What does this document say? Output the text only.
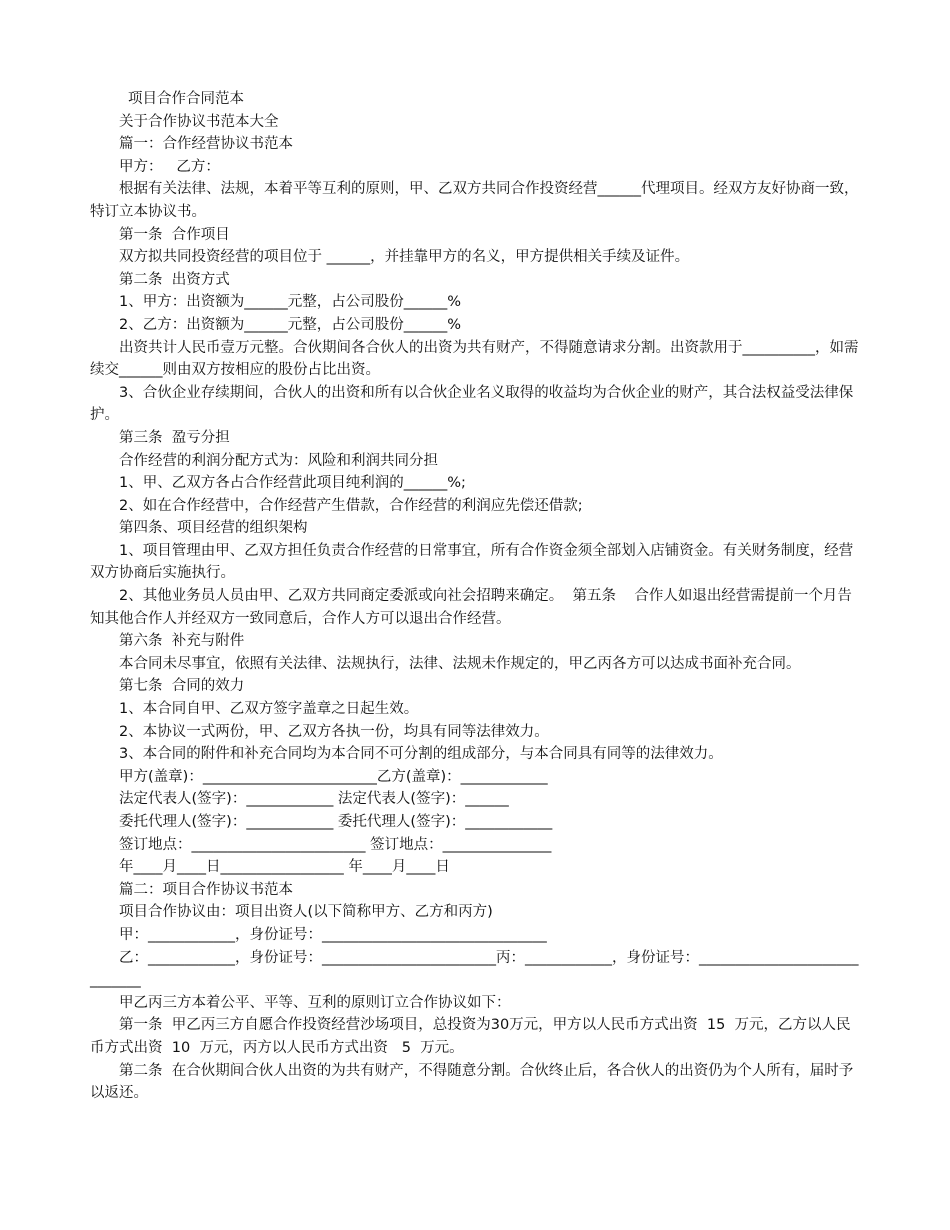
项目合作合同范本

关于合作协议书范本大全

篇一：合作经营协议书范本

甲方：   乙方：

根据有关法律、法规，本着平等互利的原则，甲、乙双方共同合作投资经营______代理项目。经双方友好协商一致，特订立本协议书。

第一条  合作项目

双方拟共同投资经营的项目位于 ______，并挂靠甲方的名义，甲方提供相关手续及证件。

第二条  出资方式

1、甲方：出资额为______元整，占公司股份______%

2、乙方：出资额为______元整，占公司股份______%

出资共计人民币壹万元整。合伙期间各合伙人的出资为共有财产，不得随意请求分割。出资款用于__________，如需续交______则由双方按相应的股份占比出资。

3、合伙企业存续期间，合伙人的出资和所有以合伙企业名义取得的收益均为合伙企业的财产，其合法权益受法律保护。

第三条  盈亏分担

合作经营的利润分配方式为：风险和利润共同分担

1、甲、乙双方各占合作经营此项目纯利润的______%;

2、如在合作经营中，合作经营产生借款，合作经营的利润应先偿还借款;

第四条、项目经营的组织架构

1、项目管理由甲、乙双方担任负责合作经营的日常事宜，所有合作资金须全部划入店铺资金。有关财务制度，经营双方协商后实施执行。

2、其他业务员人员由甲、乙双方共同商定委派或向社会招聘来确定。  第五条    合作人如退出经营需提前一个月告知其他合作人并经双方一致同意后，合作人方可以退出合作经营。

第六条  补充与附件

本合同未尽事宜，依照有关法律、法规执行，法律、法规未作规定的，甲乙丙各方可以达成书面补充合同。

第七条  合同的效力

1、本合同自甲、乙双方签字盖章之日起生效。

2、本协议一式两份，甲、乙双方各执一份，均具有同等法律效力。

3、本合同的附件和补充合同均为本合同不可分割的组成部分，与本合同具有同等的法律效力。

甲方(盖章)：________________________乙方(盖章)：____________

法定代表人(签字)：____________ 法定代表人(签字)：______

委托代理人(签字)：____________ 委托代理人(签字)：____________

签订地点：________________________ 签订地点：_______________

年____月____日_________________ 年____月____日

篇二：项目合作协议书范本

项目合作协议由：项目出资人(以下简称甲方、乙方和丙方)

甲：____________，身份证号：_______________________________

乙：____________，身份证号：________________________丙：____________，身份证号：_____________________________

甲乙丙三方本着公平、平等、互利的原则订立合作协议如下：

第一条  甲乙丙三方自愿合作投资经营沙场项目，总投资为30万元，甲方以人民币方式出资  15  万元，乙方以人民币方式出资  10  万元，丙方以人民币方式出资   5  万元。

第二条  在合伙期间合伙人出资的为共有财产，不得随意分割。合伙终止后，各合伙人的出资仍为个人所有，届时予以返还。
